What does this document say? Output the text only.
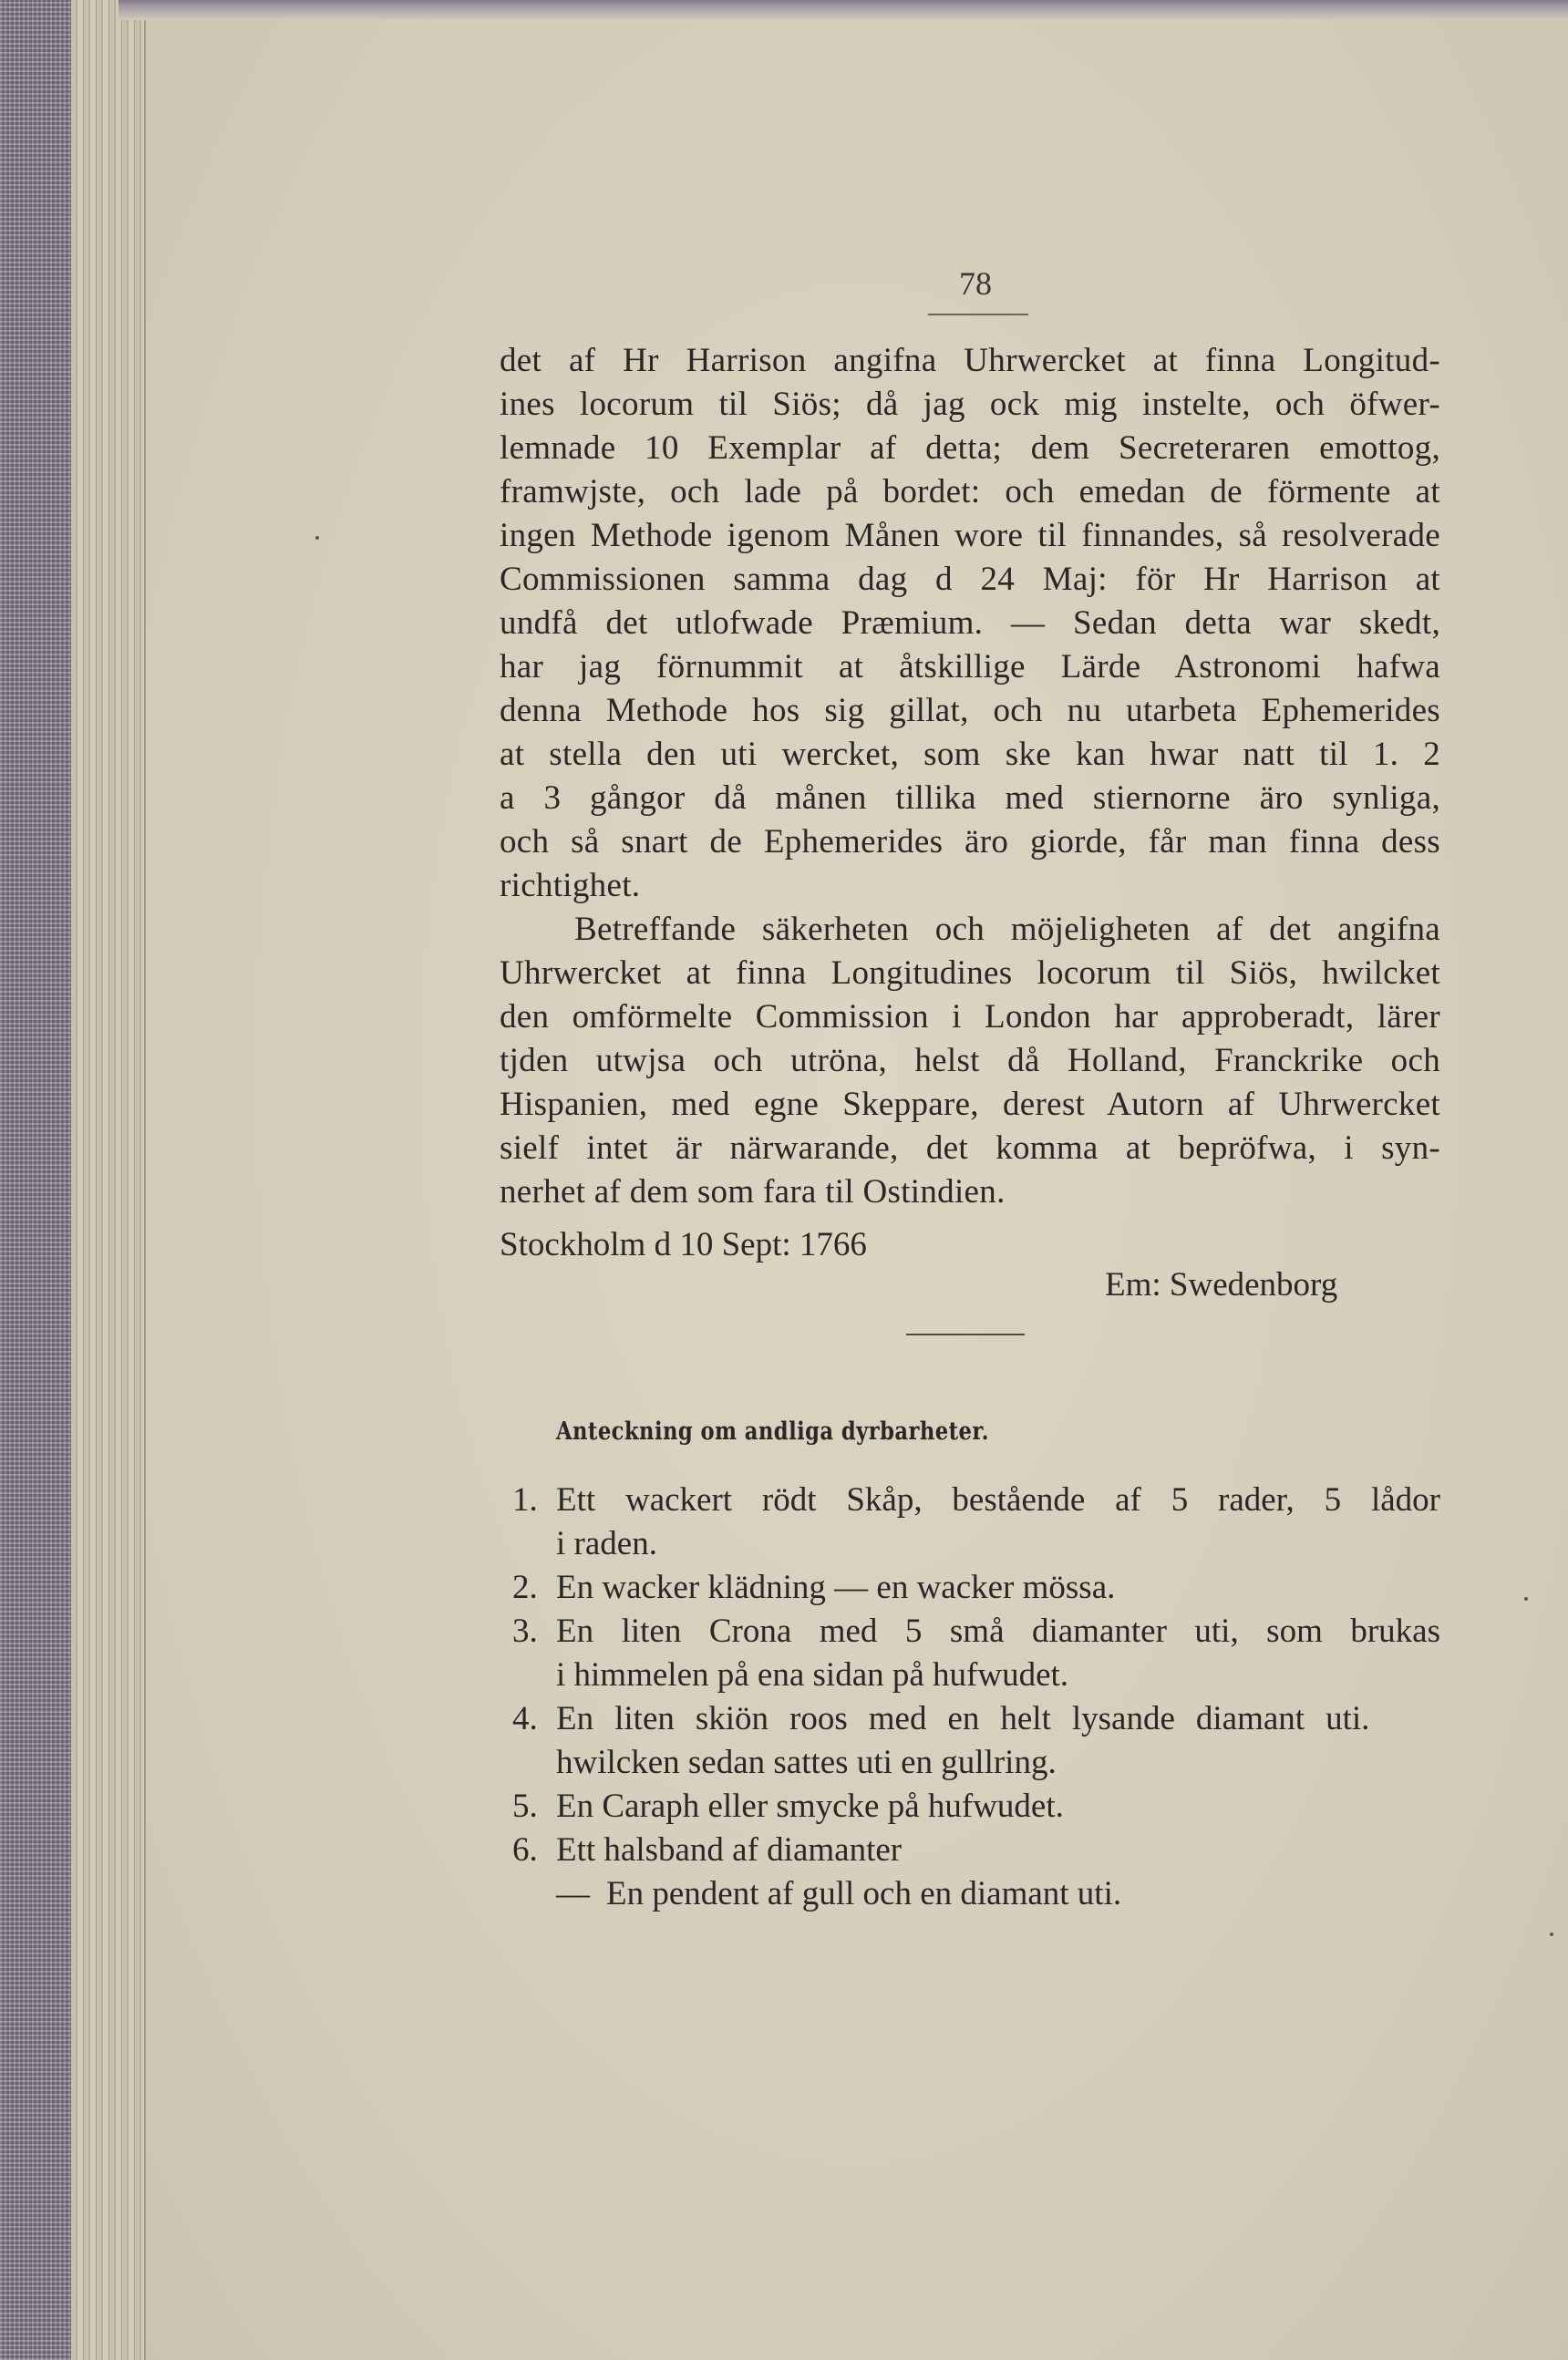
78
det af Hr Harrison angifna Uhrwercket at finna Longitud-
ines locorum til Siös; då jag ock mig instelte, och öfwer-
lemnade 10 Exemplar af detta; dem Secreteraren emottog,
framwjste, och lade på bordet: och emedan de förmente at
ingen Methode igenom Månen wore til finnandes, så resolverade
Commissionen samma dag d 24 Maj: för Hr Harrison at
undfå det utlofwade Præmium. — Sedan detta war skedt,
har jag förnummit at åtskillige Lärde Astronomi hafwa
denna Methode hos sig gillat, och nu utarbeta Ephemerides
at stella den uti wercket, som ske kan hwar natt til 1. 2
a 3 gångor då månen tillika med stiernorne äro synliga,
och så snart de Ephemerides äro giorde, får man finna dess
richtighet.
Betreffande säkerheten och möjeligheten af det angifna
Uhrwercket at finna Longitudines locorum til Siös, hwilcket
den omförmelte Commission i London har approberadt, lärer
tjden utwjsa och utröna, helst då Holland, Franckrike och
Hispanien, med egne Skeppare, derest Autorn af Uhrwercket
sielf intet är närwarande, det komma at bepröfwa, i syn-
nerhet af dem som fara til Ostindien.
Stockholm d 10 Sept: 1766
Em: Swedenborg
Anteckning om andliga dyrbarheter.
1. Ett wackert rödt Skåp, bestående af 5 rader, 5 lådor
i raden.
2. En wacker klädning — en wacker mössa.
3. En liten Crona med 5 små diamanter uti, som brukas
i himmelen på ena sidan på hufwudet.
4. En liten skiön roos med en helt lysande diamant uti.
hwilcken sedan sattes uti en gullring.
5. En Caraph eller smycke på hufwudet.
6. Ett halsband af diamanter
— En pendent af gull och en diamant uti.
